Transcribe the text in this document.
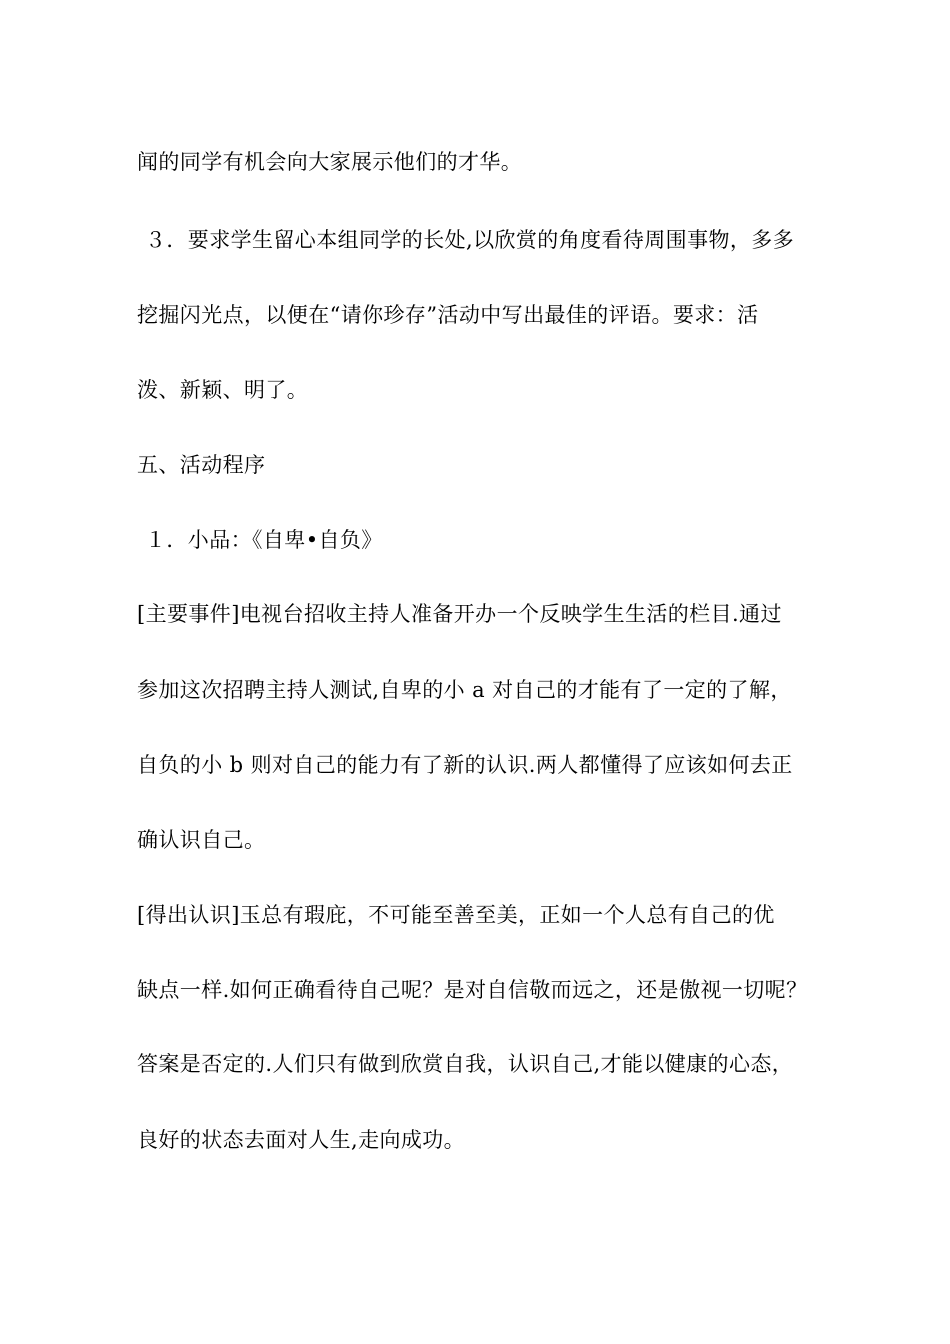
闻的同学有机会向大家展示他们的才华。
３．要求学生留心本组同学的长处,以欣赏的角度看待周围事物，多多
挖掘闪光点，以便在“请你珍存”活动中写出最佳的评语。要求：活
泼、新颖、明了。
五、活动程序
１．小品：《自卑•自负》
[主要事件]电视台招收主持人准备开办一个反映学生生活的栏目.通过
参加这次招聘主持人测试,自卑的小 a 对自己的才能有了一定的了解，
自负的小 b 则对自己的能力有了新的认识.两人都懂得了应该如何去正
确认识自己。
[得出认识]玉总有瑕庇，不可能至善至美，正如一个人总有自己的优
缺点一样.如何正确看待自己呢？是对自信敬而远之，还是傲视一切呢？
答案是否定的.人们只有做到欣赏自我，认识自己,才能以健康的心态，
良好的状态去面对人生,走向成功。
